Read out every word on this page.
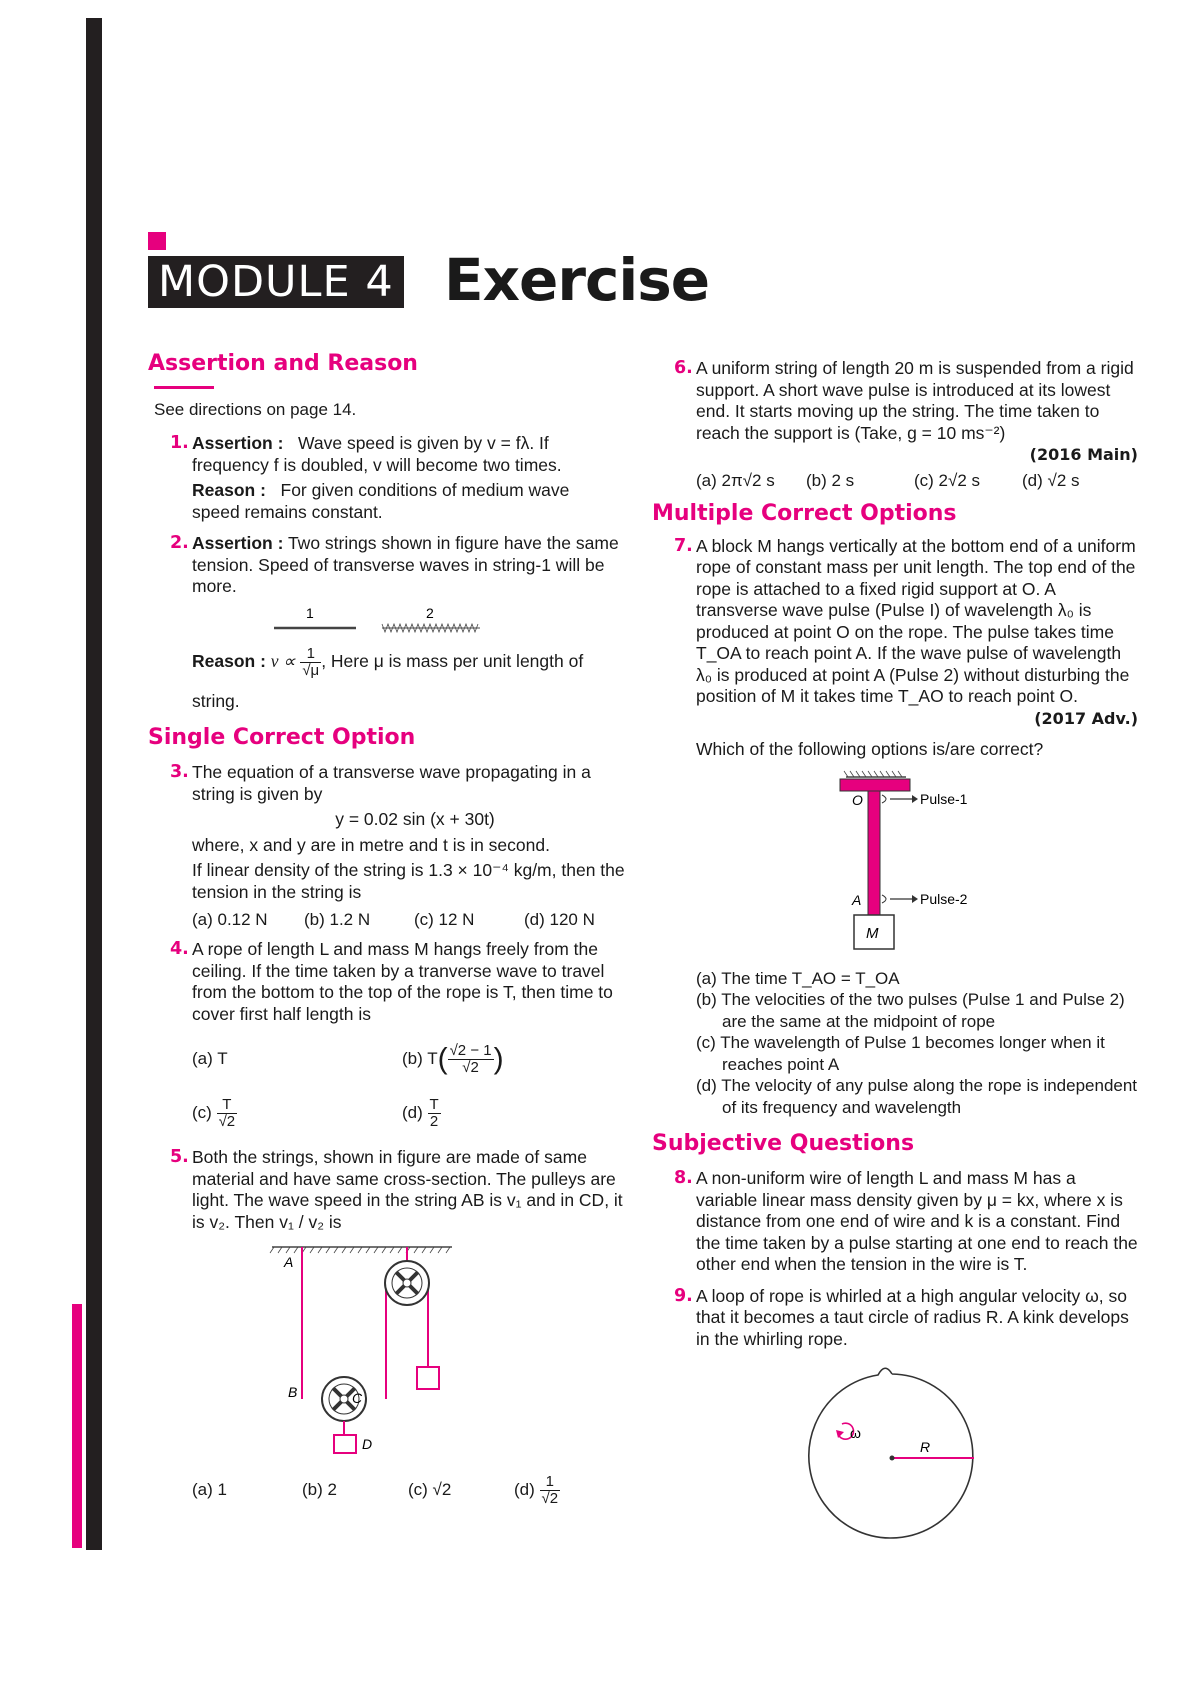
MODULE 4 Exercise
Assertion and Reason
See directions on page 14.
1. Assertion : Wave speed is given by v = fλ. If
frequency f is doubled, v will become two times.
Reason : For given conditions of medium wave
speed remains constant.
2. Assertion : Two strings shown in figure have the same tension. Speed of transverse waves in string-1 will be more.
1	2
Reason : $v \propto \frac{1}{√\mu}$ , Here μ is mass per unit length of
string.
Single Correct Option
3. The equation of a transverse wave propagating in a string is given by
y = 0.02 sin (x + 30t)
where, x and y are in metre and t is in second.
If linear density of the string is 1.3 × 10⁻⁴ kg/m, then the tension in the string is
(a) 0.12 N	(b) 1.2 N	(c) 12 N	(d) 120 N
4. A rope of length L and mass M hangs freely from the ceiling. If the time taken by a tranverse wave to travel from the bottom to the top of the rope is T, then time to cover first half length is
(a) T	(b) $T( \frac{√2 - 1}{√2}$ )
$(c) \frac{T}{√2}$	$(d) \frac{T}{2}$
5. Both the strings, shown in figure are made of same material and have same cross-section. The pulleys are light. The wave speed in the string AB is v₁ and in CD, it is v₂. Then v₁ / v₂ is
A
B	C
D
(a) 1	(b) 2	(c) √2	$(d) \frac{1}{√2}$
6. A uniform string of length 20 m is suspended from a rigid support. A short wave pulse is introduced at its lowest end. It starts moving up the string. The time taken to reach the support is (Take, g = 10 ms⁻²)
(2016 Main)
(a) 2π√2 s	(b) 2 s	(c) 2√2 s	(d) √2 s
Multiple Correct Options
7. A block M hangs vertically at the bottom end of a uniform rope of constant mass per unit length. The top end of the rope is attached to a fixed rigid support at O. A transverse wave pulse (Pulse I) of wavelength λ₀ is produced at point O on the rope. The pulse takes time T_OA to reach point A. If the wave pulse of wavelength λ₀ is produced at point A (Pulse 2) without disturbing the position of M it takes time T_AO to reach point O.
(2017 Adv.)
Which of the following options is/are correct?
O	Pulse-1
A	Pulse-2
M
(a) The time T_AO = T_OA
(b) The velocities of the two pulses (Pulse 1 and Pulse 2) are the same at the midpoint of rope
(c) The wavelength of Pulse 1 becomes longer when it reaches point A
(d) The velocity of any pulse along the rope is independent of its frequency and wavelength
Subjective Questions
8. A non-uniform wire of length L and mass M has a variable linear mass density given by μ = kx, where x is distance from one end of wire and k is a constant. Find the time taken by a pulse starting at one end to reach the other end when the tension in the wire is T.
9. A loop of rope is whirled at a high angular velocity ω, so that it becomes a taut circle of radius R. A kink develops in the whirling rope.
R
ω
